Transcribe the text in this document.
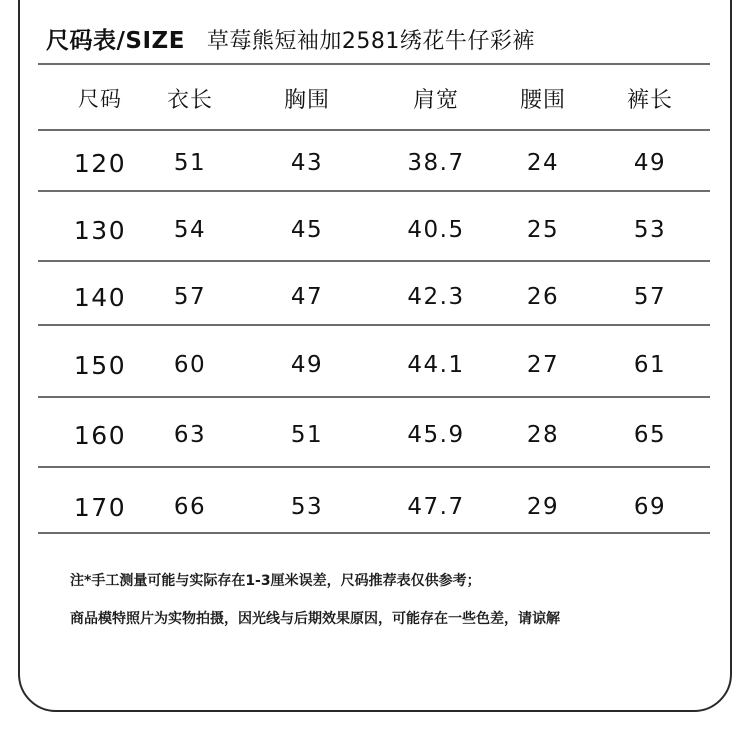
尺码表/SIZE 草莓熊短袖加2581绣花牛仔彩裤
尺码	衣长	胸围	肩宽	腰围	裤长
120	51	43	38.7	24	49
130	54	45	40.5	25	53
140	57	47	42.3	26	57
150	60	49	44.1	27	61
160	63	51	45.9	28	65
170	66	53	47.7	29	69
注*手工测量可能与实际存在1-3厘米误差，尺码推荐表仅供参考；
商品模特照片为实物拍摄，因光线与后期效果原因，可能存在一些色差，请谅解
